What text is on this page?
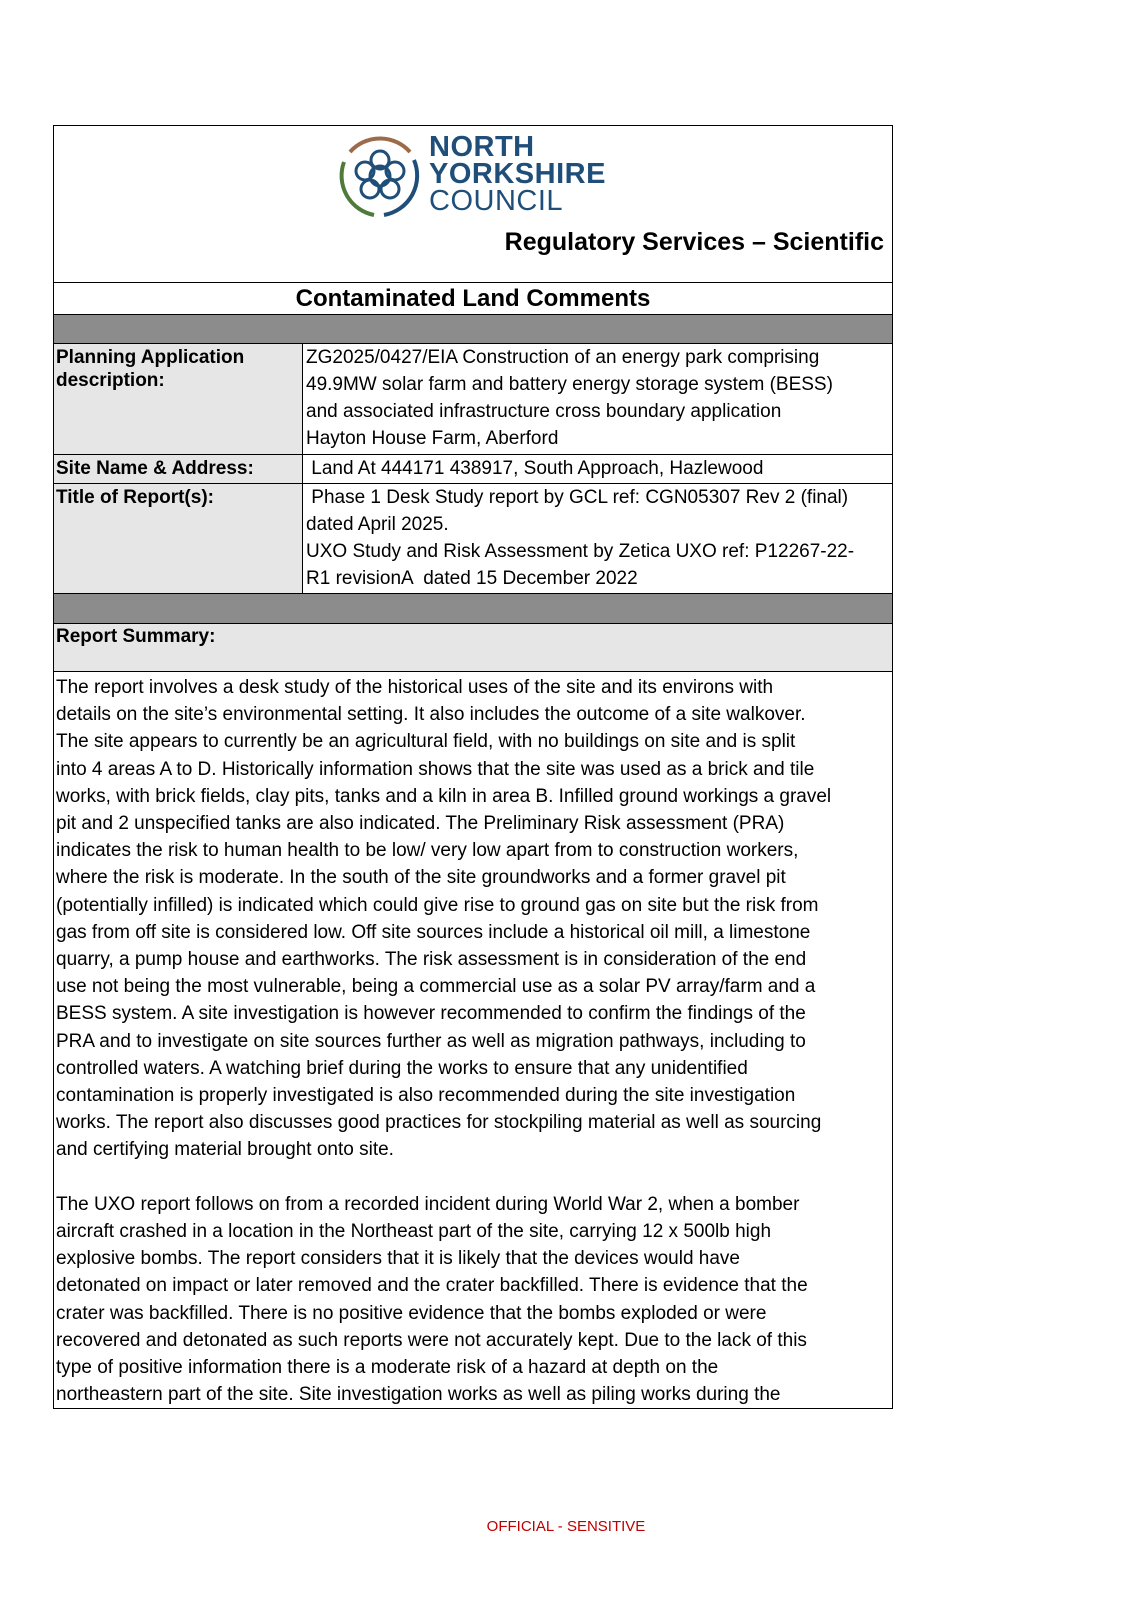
NORTH
YORKSHIRE
COUNCIL
Regulatory Services – Scientific
Contaminated Land Comments
Planning Application description:
ZG2025/0427/EIA Construction of an energy park comprising
49.9MW solar farm and battery energy storage system (BESS)
and associated infrastructure cross boundary application
Hayton House Farm, Aberford
Site Name & Address:	Land At 444171 438917, South Approach, Hazlewood
Title of Report(s):	Phase 1 Desk Study report by GCL ref: CGN05307 Rev 2 (final)
dated April 2025.
UXO Study and Risk Assessment by Zetica UXO ref: P12267-22-
R1 revisionA  dated 15 December 2022
Report Summary:
The report involves a desk study of the historical uses of the site and its environs with
details on the site’s environmental setting. It also includes the outcome of a site walkover.
The site appears to currently be an agricultural field, with no buildings on site and is split
into 4 areas A to D. Historically information shows that the site was used as a brick and tile
works, with brick fields, clay pits, tanks and a kiln in area B. Infilled ground workings a gravel
pit and 2 unspecified tanks are also indicated. The Preliminary Risk assessment (PRA)
indicates the risk to human health to be low/ very low apart from to construction workers,
where the risk is moderate. In the south of the site groundworks and a former gravel pit
(potentially infilled) is indicated which could give rise to ground gas on site but the risk from
gas from off site is considered low. Off site sources include a historical oil mill, a limestone
quarry, a pump house and earthworks. The risk assessment is in consideration of the end
use not being the most vulnerable, being a commercial use as a solar PV array/farm and a
BESS system. A site investigation is however recommended to confirm the findings of the
PRA and to investigate on site sources further as well as migration pathways, including to
controlled waters. A watching brief during the works to ensure that any unidentified
contamination is properly investigated is also recommended during the site investigation
works. The report also discusses good practices for stockpiling material as well as sourcing
and certifying material brought onto site.
The UXO report follows on from a recorded incident during World War 2, when a bomber
aircraft crashed in a location in the Northeast part of the site, carrying 12 x 500lb high
explosive bombs. The report considers that it is likely that the devices would have
detonated on impact or later removed and the crater backfilled. There is evidence that the
crater was backfilled. There is no positive evidence that the bombs exploded or were
recovered and detonated as such reports were not accurately kept. Due to the lack of this
type of positive information there is a moderate risk of a hazard at depth on the
northeastern part of the site. Site investigation works as well as piling works during the
OFFICIAL - SENSITIVE
